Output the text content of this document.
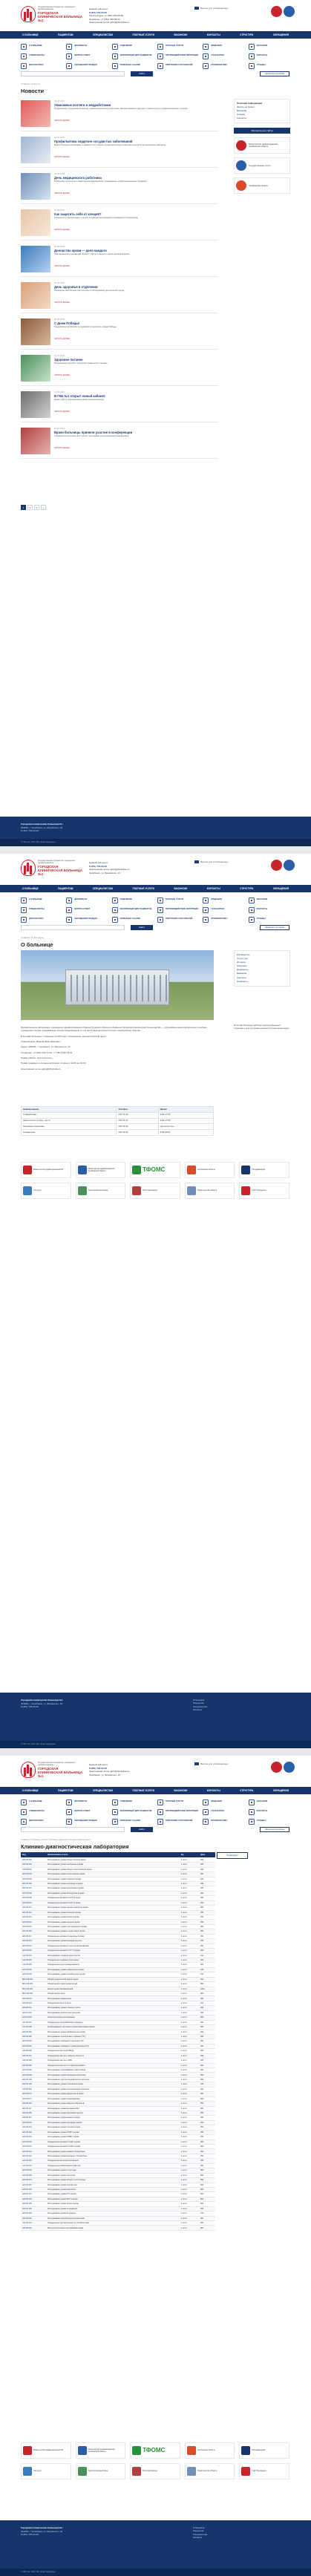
Государственное бюджетное учреждение здравоохранения
ГОРОДСКАЯ КЛИНИЧЕСКАЯ БОЛЬНИЦА №1
Единый call-центр
8 (351) 735-02-00
Регистратура: +7 (351) 256-55-65
Приемное: +7 (351) 256-55-62
Электронная почта: gkb1@chelzdrav.ru
Версия для слабовидящих
О БОЛЬНИЦЕ	ПАЦИЕНТАМ	СПЕЦИАЛИСТАМ	ПЛАТНЫЕ УСЛУГИ	ВАКАНСИИ	КОНТАКТЫ	СТРУКТУРА	ОБРАЩЕНИЯ
О БОЛЬНИЦЕ	ДОКУМЕНТЫ	ОТДЕЛЕНИЯ	ПЛАТНЫЕ УСЛУГИ	ЛИЦЕНЗИИ	ВАКАНСИИ
СПЕЦИАЛИСТЫ	ВОПРОС-ОТВЕТ	ИНФОРМАЦИЯ ДЛЯ ПАЦИЕНТОВ	ПРОТИВОДЕЙСТВИЕ КОРРУПЦИИ	ГОСЗАКУПКИ	КОНТАКТЫ
ДИАГНОСТИКА	ОБРАЩЕНИЯ ГРАЖДАН	ПОЛЕЗНЫЕ ССЫЛКИ	ПРОГРАММА ГОСГАРАНТИЙ	ПРОФИЛАКТИКА	ОТЗЫВЫ
Найти	Записаться на прием
Главная / Новости
Новости
30.06.2023
Уважаемые коллеги и медработники
Поздравляем сотрудников больницы с Днем медицинского работника. Желаем крепкого здоровья, благополучия и профессиональных успехов.
ЧИТАТЬ ДАЛЕЕ
19.06.2023
Профилактика сердечно-сосудистых заболеваний
Врачи больницы напоминают о важности регулярных профилактических осмотров и контроля артериального давления.
ЧИТАТЬ ДАЛЕЕ
09.06.2023
День медицинского работника
В больнице состоялось торжественное мероприятие, посвященное профессиональному празднику.
ЧИТАТЬ ДАЛЕЕ
01.06.2023
Как защитить себя от клещей?
Специалисты рассказывают о мерах профилактики клещевого энцефалита и боррелиоза.
ЧИТАТЬ ДАЛЕЕ
26.05.2023
Донорство крови — дело каждого
Приглашаем всех желающих принять участие в акции по сдаче донорской крови.
ЧИТАТЬ ДАЛЕЕ
18.05.2023
День здоровья в отделении
Проведены бесплатные консультации и обследования для жителей города.
ЧИТАТЬ ДАЛЕЕ
05.05.2023
С Днем Победы!
Поздравляем ветеранов, сотрудников и пациентов с Днем Победы.
ЧИТАТЬ ДАЛЕЕ
27.04.2023
Здоровое питание
Рекомендации врачей о принципах правильного питания.
ЧИТАТЬ ДАЛЕЕ
14.04.2023
В ГКБ №1 открыт новый кабинет
Начал работу современный диагностический кабинет.
ЧИТАТЬ ДАЛЕЕ
02.04.2023
Врачи больницы приняли участие в конференции
Специалисты больницы выступили с докладами на региональной конференции.
ЧИТАТЬ ДАЛЕЕ
1	2	3	»
Полезная информация
Запись на прием
Вакансии
Отзывы
Контакты
Официальные сайты
Министерство здравоохранения Челябинской области
Государственные услуги
Челябинская область
Городская клиническая больница №1
454048, г. Челябинск, ул. Воровского, 16
8 (351) 735-02-00
© ГКБ №1, 2023. Все права защищены
Государственное бюджетное учреждение здравоохранения
ГОРОДСКАЯ КЛИНИЧЕСКАЯ БОЛЬНИЦА №1
Единый call-центр
8 (351) 735-02-00
Электронная почта: gkb1@chelzdrav.ru
Челябинск, ул. Воровского, 16
Версия для слабовидящих
О БОЛЬНИЦЕ	ПАЦИЕНТАМ	СПЕЦИАЛИСТАМ	ПЛАТНЫЕ УСЛУГИ	ВАКАНСИИ	КОНТАКТЫ	СТРУКТУРА	ОБРАЩЕНИЯ
О БОЛЬНИЦЕ	ДОКУМЕНТЫ	ОТДЕЛЕНИЯ	ПЛАТНЫЕ УСЛУГИ	ЛИЦЕНЗИИ	ВАКАНСИИ
СПЕЦИАЛИСТЫ	ВОПРОС-ОТВЕТ	ИНФОРМАЦИЯ ДЛЯ ПАЦИЕНТОВ	ПРОТИВОДЕЙСТВИЕ КОРРУПЦИИ	ГОСЗАКУПКИ	КОНТАКТЫ
ДИАГНОСТИКА	ОБРАЩЕНИЯ ГРАЖДАН	ПОЛЕЗНЫЕ ССЫЛКИ	ПРОГРАММА ГОСГАРАНТИЙ	ПРОФИЛАКТИКА	ОТЗЫВЫ
Найти	Записаться на прием
Главная / О больнице
О больнице

Муниципальное автономное учреждение здравоохранения Ордена Трудового Красного Знамени Городская клиническая больница №1 — крупнейшее многопрофильное лечебное учреждение города, оказывающее специализированную, в том числе высокотехнологичную, медицинскую помощь.

В составе больницы: стационар на 800 коек, поликлиника, диагностический центр.

Главный врач: Иванов Иван Иванович

Адрес: 454048, г. Челябинск, ул. Воровского, 16

Телефоны: +7 (351) 232-73-40, +7 (351) 232-73-44

Режим работы: круглосуточно

Прием граждан по личным вопросам: вторник с 14:00 до 16:00

Электронная почта: gkb1@chelzdrav.ru

Наименование	Телефон	Время
Главный врач	232-73-40	9:00-17:00
Заместитель по мед. части	232-73-44	9:00-17:00
Приемное отделение	232-73-36	круглосуточно
Справочная	232-73-50	8:00-20:00
Руководство
Структура
История
Лицензии
Документы
Вакансии
Контакты
Реквизиты
В составе больницы действует многопрофильный стационар и консультативно-диагностическая поликлиника.
Министерство здравоохранения РФ
Министерство здравоохранения Челябинской области	ТФОМС	Челябинская область	Росздравнадзор
Госуслуги	Территориальный фонд	Роспотребнадзор	Правительство области	Сайт Президента
Городская клиническая больница №1
454048, г. Челябинск, ул. Воровского, 16
8 (351) 735-02-00
О больнице
Пациентам
Специалистам
Контакты
© ГКБ №1, 2023. Все права защищены
Государственное бюджетное учреждение здравоохранения
ГОРОДСКАЯ КЛИНИЧЕСКАЯ БОЛЬНИЦА №1
Единый call-центр
8 (351) 735-02-00
Электронная почта: gkb1@chelzdrav.ru
Челябинск, ул. Воровского, 16
Версия для слабовидящих
О БОЛЬНИЦЕ	ПАЦИЕНТАМ	СПЕЦИАЛИСТАМ	ПЛАТНЫЕ УСЛУГИ	ВАКАНСИИ	КОНТАКТЫ	СТРУКТУРА	ОБРАЩЕНИЯ
О БОЛЬНИЦЕ	ДОКУМЕНТЫ	ОТДЕЛЕНИЯ	ПЛАТНЫЕ УСЛУГИ	ЛИЦЕНЗИИ	ВАКАНСИИ
СПЕЦИАЛИСТЫ	ВОПРОС-ОТВЕТ	ИНФОРМАЦИЯ ДЛЯ ПАЦИЕНТОВ	ПРОТИВОДЕЙСТВИЕ КОРРУПЦИИ	ГОСЗАКУПКИ	КОНТАКТЫ
ДИАГНОСТИКА	ОБРАЩЕНИЯ ГРАЖДАН	ПОЛЕЗНЫЕ ССЫЛКИ	ПРОГРАММА ГОСГАРАНТИЙ	ПРОФИЛАКТИКА	ОТЗЫВЫ
Найти	Записаться на прием
Главная / Платные услуги / Клинико-диагностическая лаборатория
Клинико-диагностическая лаборатория
Код	Наименование услуги	Ед.	Цена
A09.05.001	Исследование уровня общего белка в крови	1 иссл.	250
A09.05.002	Исследование уровня альбумина в крови	1 иссл.	250
A09.05.003	Исследование уровня общего гемоглобина в крови	1 иссл.	180
A09.05.004	Исследование уровня холестерина в крови	1 иссл.	250
A09.05.005	Исследование уровня глюкозы в крови	1 иссл.	180
A09.05.006	Исследование уровня мочевины в крови	1 иссл.	250
A09.05.007	Исследование уровня креатинина в крови	1 иссл.	250
A09.05.008	Исследование уровня билирубина в крови	1 иссл.	250
A09.05.009	Определение активности АЛТ в крови	1 иссл.	250
A09.05.010	Определение активности АСТ в крови	1 иссл.	250
A09.05.011	Исследование уровня железа сыворотки крови	1 иссл.	280
A09.05.012	Исследование уровня кальция в крови	1 иссл.	250
A09.05.013	Исследование уровня калия в крови	1 иссл.	250
A09.05.014	Исследование уровня натрия в крови	1 иссл.	250
A09.05.015	Исследование уровня триглицеридов в крови	1 иссл.	280
A09.05.016	Исследование уровня С-реактивного белка	1 иссл.	350
A09.05.017	Определение активности амилазы в крови	1 иссл.	250
A09.05.018	Исследование уровня мочевой кислоты	1 иссл.	250
A09.05.019	Определение активности щелочной фосфатазы	1 иссл.	250
A09.05.020	Определение активности ГГТ в крови	1 иссл.	250
A12.05.001	Исследование оседания эритроцитов	1 иссл.	150
A12.05.005	Определение основных групп крови	1 иссл.	300
A12.05.006	Определение резус-принадлежности	1 иссл.	300
A08.05.004	Исследование уровня лейкоцитов в крови	1 иссл.	150
A08.05.005	Исследование уровня тромбоцитов в крови	1 иссл.	150
B03.016.002	Общий (клинический) анализ крови	1 иссл.	450
B03.016.003	Общий анализ крови развернутый	1 иссл.	550
B03.016.004	Анализ крови биохимический	1 иссл.	1200
B03.016.006	Общий анализ мочи	1 иссл.	300
A09.28.001	Исследование осадка мочи	1 иссл.	200
A09.28.003	Определение белка в моче	1 иссл.	200
A09.28.011	Исследование уровня глюкозы в моче	1 иссл.	200
A09.19.001	Исследование кала на скрытую кровь	1 иссл.	350
A09.19.009	Копрологическое исследование	1 иссл.	400
A12.05.027	Определение протромбинового времени	1 иссл.	300
A12.05.039	Активированное частичное тромбопластиновое время	1 иссл.	300
A09.05.050	Исследование уровня фибриногена в крови	1 иссл.	300
A09.05.065	Исследование тиреотропного гормона (ТТГ)	1 иссл.	450
A09.05.063	Исследование свободного тироксина (Т4)	1 иссл.	450
A09.05.064	Исследование свободного трийодтиронина (Т3)	1 иссл.	450
A26.06.036	Определение антигена HBsAg	1 иссл.	400
A26.06.041	Определение антител к вирусу гепатита С	1 иссл.	450
A26.06.048	Определение антител к ВИЧ	1 иссл.	450
A26.06.082	Определение антител к Treponema pallidum	1 иссл.	400
A09.05.083	Исследование гликированного гемоглобина	1 иссл.	600
A09.05.089	Исследование уровня альфа-фетопротеина	1 иссл.	550
A09.05.130	Исследование простатспецифического антигена	1 иссл.	550
A09.05.193	Исследование уровня тропонина в крови	1 иссл.	700
A09.05.206	Исследование уровня ионизированного кальция	1 иссл.	300
A09.05.076	Исследование уровня ферритина в крови	1 иссл.	500
A09.05.077	Исследование уровня трансферрина	1 иссл.	500
A09.05.054	Исследование уровня иммуноглобулина Е	1 иссл.	550
A09.05.117	Исследование уровня витамина B12	1 иссл.	650
A09.05.080	Исследование уровня фолиевой кислоты	1 иссл.	650
A09.05.127	Исследование уровня магния в крови	1 иссл.	250
A09.05.032	Исследование уровня фосфора в крови	1 иссл.	250
A09.05.041	Исследование уровня липопротеинов	1 иссл.	350
A09.05.028	Исследование уровня ЛПНП в крови	1 иссл.	350
A09.05.023	Исследование уровня ЛПВП в крови	1 иссл.	350
A09.05.039	Определение активности ЛДГ в крови	1 иссл.	300
A09.05.043	Определение активности КФК в крови	1 иссл.	300
A09.05.021	Исследование уровня прямого билирубина	1 иссл.	250
A09.05.022	Исследование уровня непрямого билирубина	1 иссл.	250
A12.06.015	Определение антистрептолизина-О	1 иссл.	350
A12.06.019	Определение ревматоидного фактора	1 иссл.	350
A09.05.009	Исследование уровня С-пептида	1 иссл.	550
A09.05.056	Исследование уровня инсулина	1 иссл.	550
A09.05.078	Исследование уровня общего тестостерона	1 иссл.	550
A09.05.087	Исследование уровня пролактина	1 иссл.	500
A09.05.135	Исследование уровня кортизола	1 иссл.	500
A09.05.131	Исследование уровня ЛГ в крови	1 иссл.	500
A09.05.132	Исследование уровня ФСГ в крови	1 иссл.	500
A09.05.153	Исследование уровня прогестерона	1 иссл.	500
A09.05.154	Исследование уровня эстрадиола	1 иссл.	500
A09.05.205	Исследование уровня D-димера	1 иссл.	700
A26.05.016	Исследование микробиоценоза кишечника	1 иссл.	900
A26.30.004	Определение чувствительности к антибиотикам	1 иссл.	600
A26.05.001	Бактериологическое исследование крови	1 иссл.	800
Прейскурант
Министерство здравоохранения РФ
Министерство здравоохранения Челябинской области	ТФОМС	Челябинская область	Росздравнадзор
Госуслуги	Территориальный фонд	Роспотребнадзор	Правительство области	Сайт Президента
Городская клиническая больница №1
454048, г. Челябинск, ул. Воровского, 16
8 (351) 735-02-00
О больнице
Пациентам
Специалистам
Контакты
© ГКБ №1, 2023. Все права защищены
